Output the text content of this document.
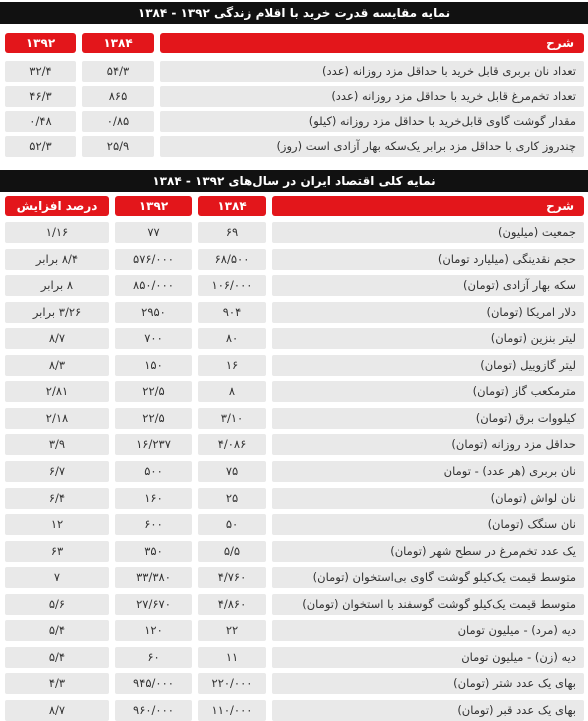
نمایه مقایسه قدرت خرید با اقلام زندگی ۱۳۹۲ - ۱۳۸۴
۱۳۹۲	۱۳۸۴	شرح
۳۲/۴	۵۴/۳	تعداد نان بربری قابل خرید با حداقل مزد روزانه (عدد)
۴۶/۳	۸۶۵	تعداد تخم‌مرغ قابل خرید با حداقل مزد روزانه (عدد)
۰/۴۸	۰/۸۵	مقدار گوشت گاوی قابل‌خرید با حداقل مزد روزانه (کیلو)
۵۲/۳	۲۵/۹	چندروز کاری با حداقل مزد برابر یک‌سکه بهار آزادی است (روز)
نمایه کلی اقتصاد ایران در سال‌های ۱۳۹۲ - ۱۳۸۴
درصد افزایش	۱۳۹۲	۱۳۸۴	شرح
۱/۱۶	۷۷	۶۹	جمعیت (میلیون)
۸/۴ برابر	۵۷۶/۰۰۰	۶۸/۵۰۰	حجم نقدینگی (میلیارد تومان)
۸ برابر	۸۵۰/۰۰۰	۱۰۶/۰۰۰	سکه بهار آزادی (تومان)
۳/۲۶ برابر	۲۹۵۰	۹۰۴	دلار امریکا (تومان)
۸/۷	۷۰۰	۸۰	لیتر بنزین (تومان)
۸/۳	۱۵۰	۱۶	لیتر گازوییل (تومان)
۲/۸۱	۲۲/۵	۸	مترمکعب گاز (تومان)
۲/۱۸	۲۲/۵	۳/۱۰	کیلووات برق (تومان)
۳/۹	۱۶/۲۳۷	۴/۰۸۶	حداقل مزد روزانه (تومان)
۶/۷	۵۰۰	۷۵	نان بربری (هر عدد) - تومان
۶/۴	۱۶۰	۲۵	نان لواش (تومان)
۱۲	۶۰۰	۵۰	نان سنگک (تومان)
۶۳	۳۵۰	۵/۵	یک عدد تخم‌مرغ در سطح شهر (تومان)
۷	۳۳/۳۸۰	۴/۷۶۰	متوسط قیمت یک‌کیلو گوشت گاوی بی‌استخوان (تومان)
۵/۶	۲۷/۶۷۰	۴/۸۶۰	متوسط قیمت یک‌کیلو گوشت گوسفند با استخوان (تومان)
۵/۴	۱۲۰	۲۲	دیه (مرد) - میلیون تومان
۵/۴	۶۰	۱۱	دیه (زن) - میلیون تومان
۴/۳	۹۴۵/۰۰۰	۲۲۰/۰۰۰	بهای یک عدد شتر (تومان)
۸/۷	۹۶۰/۰۰۰	۱۱۰/۰۰۰	بهای یک عدد قبر (تومان)
